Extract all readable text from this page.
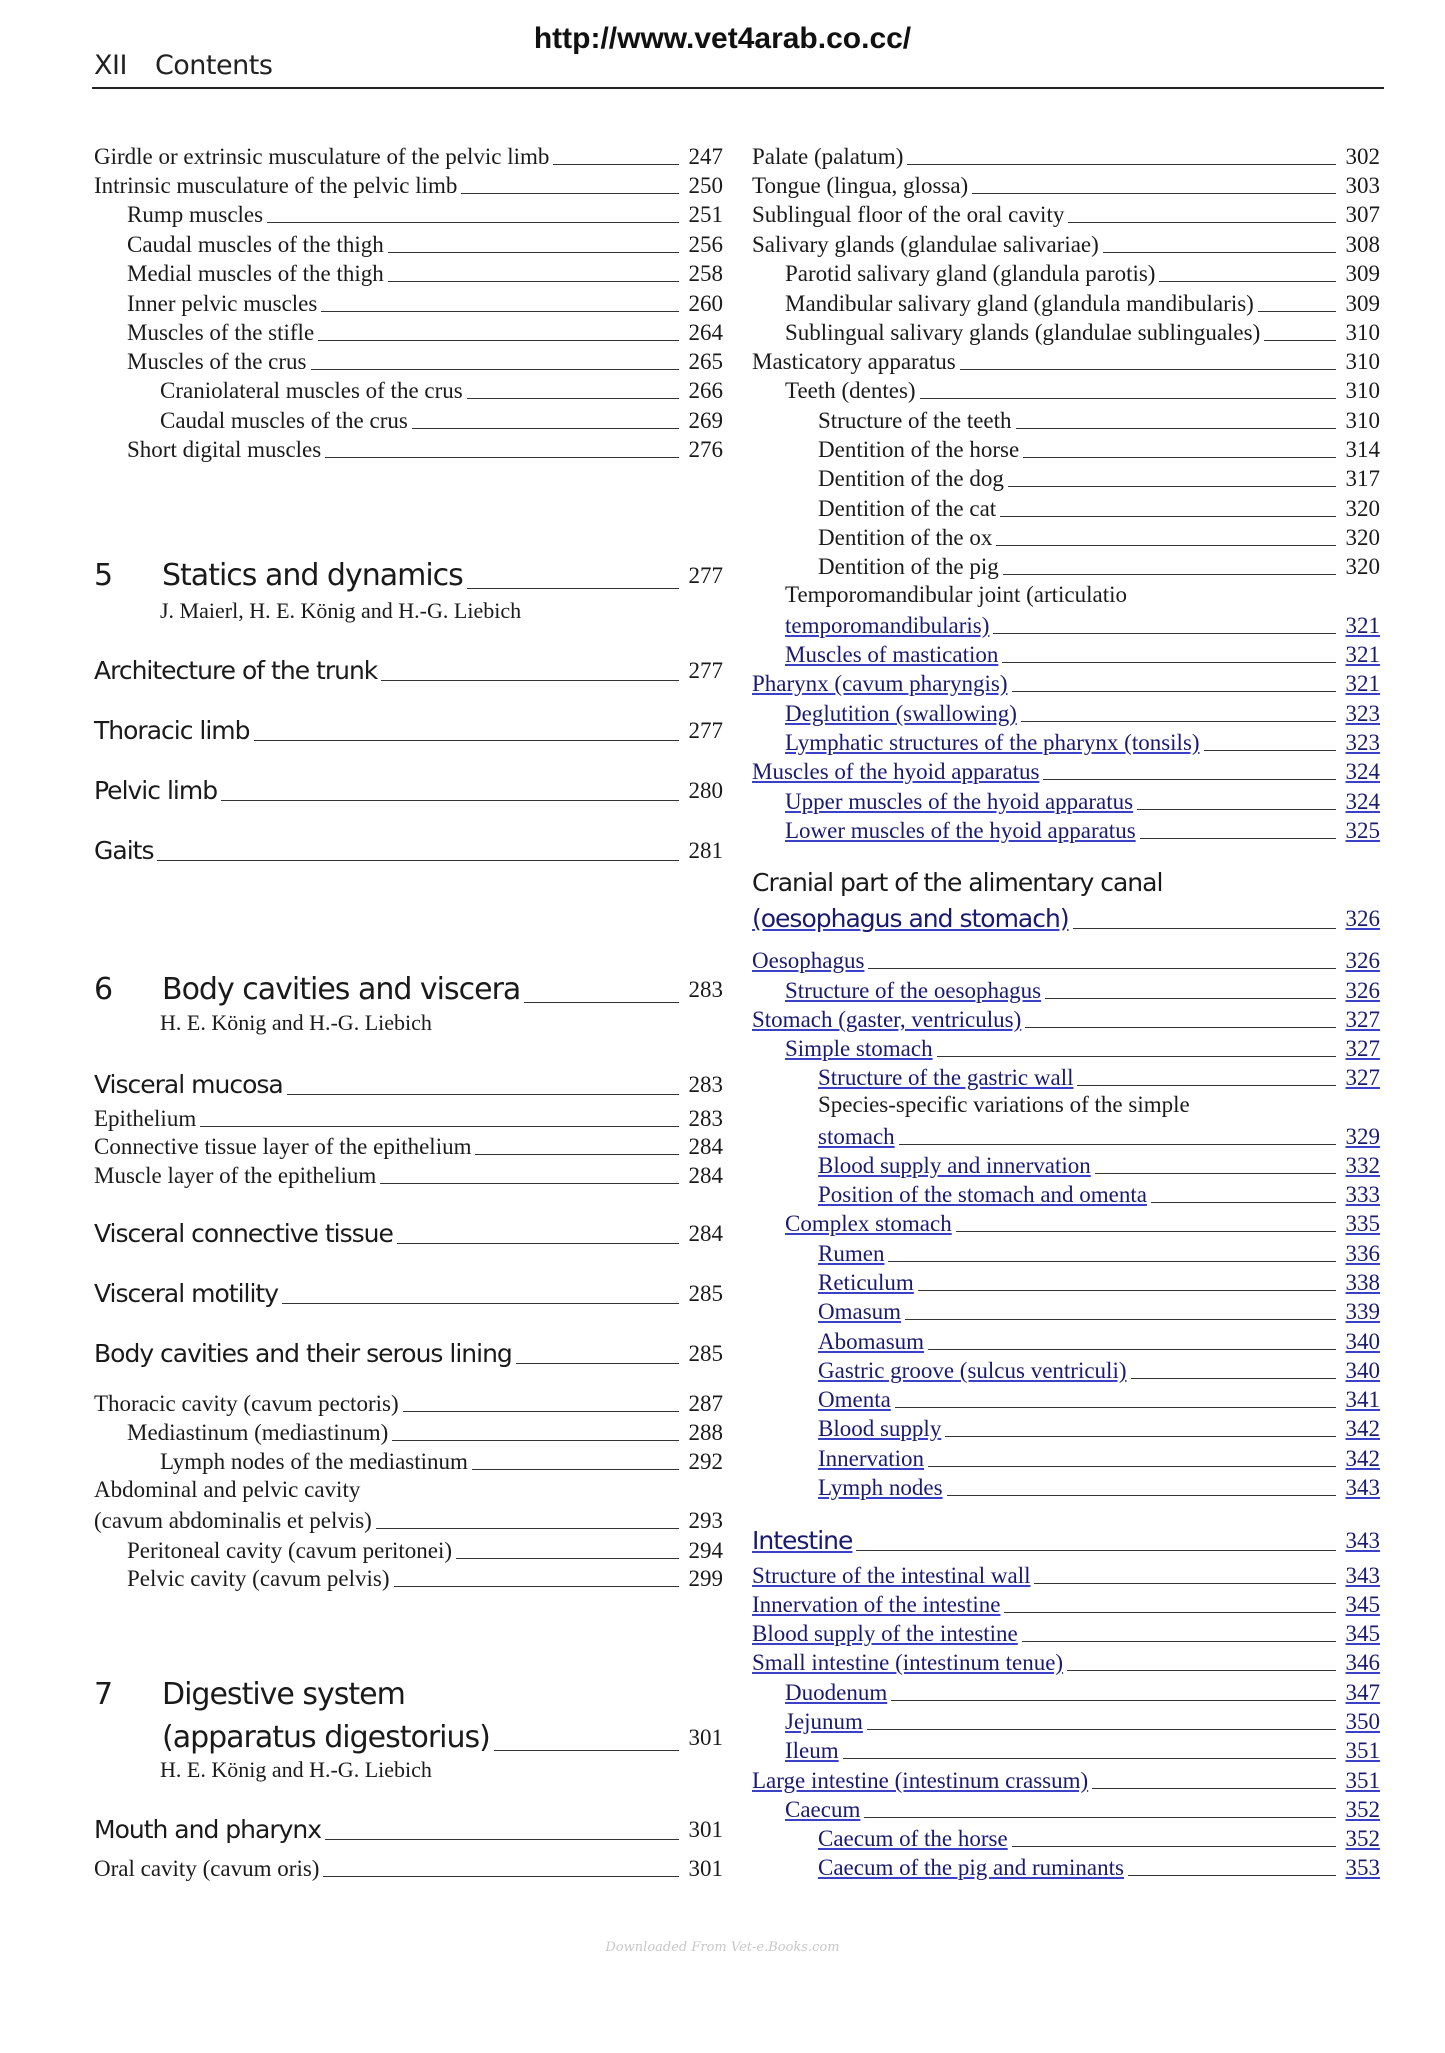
http://www.vet4arab.co.cc/
XII Contents
Girdle or extrinsic musculature of the pelvic limb	247
Intrinsic musculature of the pelvic limb	250
Rump muscles	251
Caudal muscles of the thigh	256
Medial muscles of the thigh	258
Inner pelvic muscles	260
Muscles of the stifle	264
Muscles of the crus	265
Craniolateral muscles of the crus	266
Caudal muscles of the crus	269
Short digital muscles	276
5 Statics and dynamics	277
J. Maierl, H. E. König and H.-G. Liebich
Architecture of the trunk	277
Thoracic limb	277
Pelvic limb	280
Gaits	281
6 Body cavities and viscera	283
H. E. König and H.-G. Liebich
Visceral mucosa	283
Epithelium	283
Connective tissue layer of the epithelium	284
Muscle layer of the epithelium	284
Visceral connective tissue	284
Visceral motility	285
Body cavities and their serous lining	285
Thoracic cavity (cavum pectoris)	287
Mediastinum (mediastinum)	288
Lymph nodes of the mediastinum	292
Abdominal and pelvic cavity
(cavum abdominalis et pelvis)	293
Peritoneal cavity (cavum peritonei)	294
Pelvic cavity (cavum pelvis)	299
7 Digestive system
(apparatus digestorius)	301
H. E. König and H.-G. Liebich
Mouth and pharynx	301
Oral cavity (cavum oris)	301
Palate (palatum)	302
Tongue (lingua, glossa)	303
Sublingual floor of the oral cavity	307
Salivary glands (glandulae salivariae)	308
Parotid salivary gland (glandula parotis)	309
Mandibular salivary gland (glandula mandibularis)	309
Sublingual salivary glands (glandulae sublinguales)	310
Masticatory apparatus	310
Teeth (dentes)	310
Structure of the teeth	310
Dentition of the horse	314
Dentition of the dog	317
Dentition of the cat	320
Dentition of the ox	320
Dentition of the pig	320
Temporomandibular joint (articulatio
temporomandibularis)	321
Muscles of mastication	321
Pharynx (cavum pharyngis)	321
Deglutition (swallowing)	323
Lymphatic structures of the pharynx (tonsils)	323
Muscles of the hyoid apparatus	324
Upper muscles of the hyoid apparatus	324
Lower muscles of the hyoid apparatus	325
Cranial part of the alimentary canal
(oesophagus and stomach)	326
Oesophagus	326
Structure of the oesophagus	326
Stomach (gaster, ventriculus)	327
Simple stomach	327
Structure of the gastric wall	327
Species-specific variations of the simple
stomach	329
Blood supply and innervation	332
Position of the stomach and omenta	333
Complex stomach	335
Rumen	336
Reticulum	338
Omasum	339
Abomasum	340
Gastric groove (sulcus ventriculi)	340
Omenta	341
Blood supply	342
Innervation	342
Lymph nodes	343
Intestine	343
Structure of the intestinal wall	343
Innervation of the intestine	345
Blood supply of the intestine	345
Small intestine (intestinum tenue)	346
Duodenum	347
Jejunum	350
Ileum	351
Large intestine (intestinum crassum)	351
Caecum	352
Caecum of the horse	352
Caecum of the pig and ruminants	353
Downloaded From Vet-e.Books.com
